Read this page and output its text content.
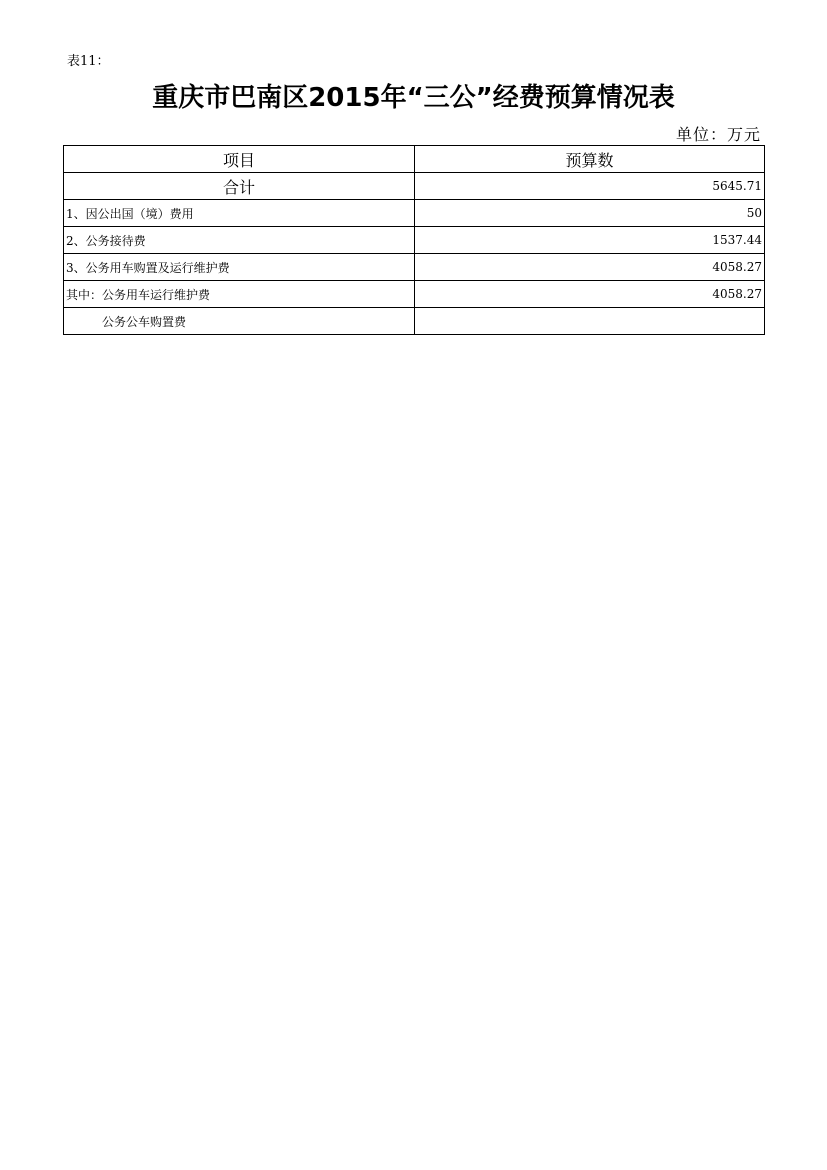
表11：
重庆市巴南区2015年“三公”经费预算情况表
单位：万元
项目	预算数
合计	5645.71
1、因公出国（境）费用	50
2、公务接待费	1537.44
3、公务用车购置及运行维护费	4058.27
其中：公务用车运行维护费	4058.27
公务公车购置费	
